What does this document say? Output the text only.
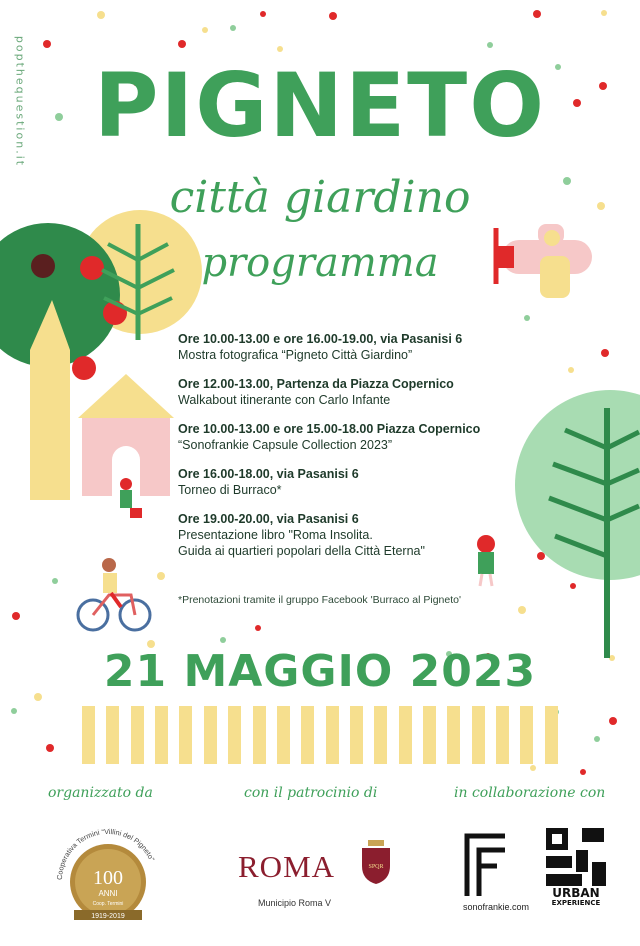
popthequestion.it PIGNETO
città giardino
programma
Ore 10.00-13.00 e ore 16.00-19.00, via Pasanisi 6
Mostra fotografica “Pigneto Città Giardino”
Ore 12.00-13.00, Partenza da Piazza Copernico
Walkabout itinerante con Carlo Infante
Ore 10.00-13.00 e ore 15.00-18.00 Piazza Copernico
“Sonofrankie Capsule Collection 2023”
Ore 16.00-18.00, via Pasanisi 6
Torneo di Burraco*
Ore 19.00-20.00, via Pasanisi 6
Presentazione libro "Roma Insolita.
Guida ai quartieri popolari della Città Eterna"
*Prenotazioni tramite il gruppo Facebook 'Burraco al Pigneto'
21 MAGGIO 2023
organizzato da	con il patrocinio di	in collaborazione con
Cooperativa Termini “Villini del Pigneto”
100
ANNI
Coop. Termini
1919-2019
ROMA	SPQR
Municipio Roma V	sonofrankie.com
URBAN
EXPERIENCE
